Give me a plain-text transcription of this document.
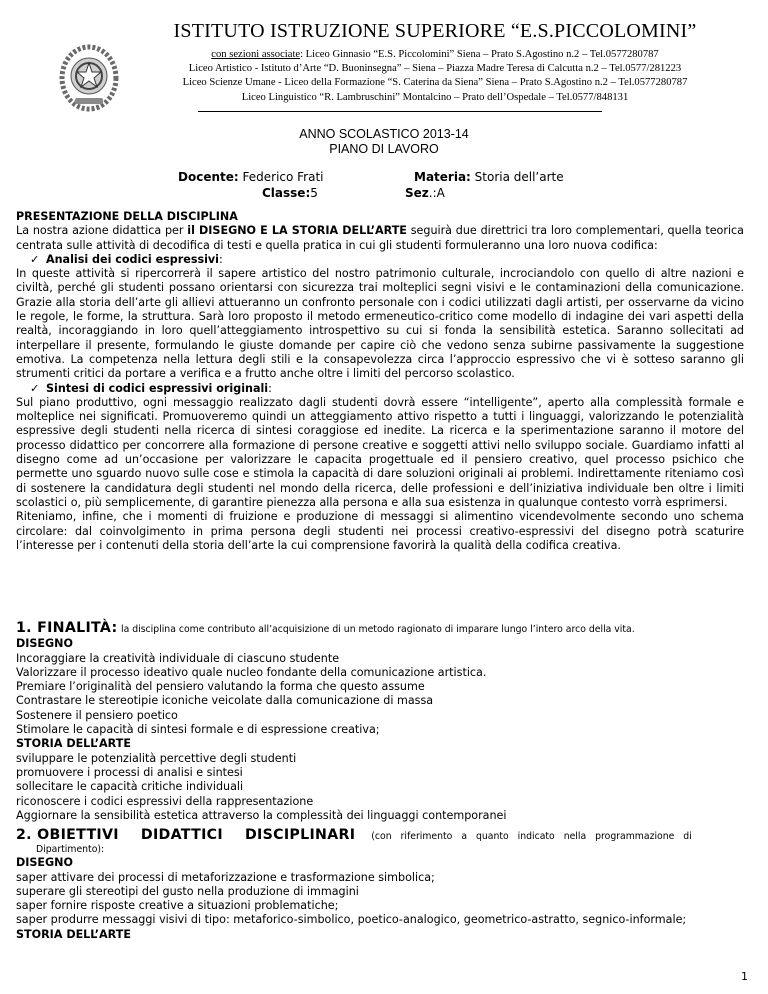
ISTITUTO ISTRUZIONE SUPERIORE “E.S.PICCOLOMINI”
con sezioni associate: Liceo Ginnasio “E.S. Piccolomini” Siena – Prato S.Agostino n.2 – Tel.0577280787
Liceo Artistico - Istituto d’Arte “D. Buoninsegna” – Siena – Piazza Madre Teresa di Calcutta n.2 – Tel.0577/281223
Liceo Scienze Umane - Liceo della Formazione “S. Caterina da Siena” Siena – Prato S.Agostino n.2 – Tel.0577280787
Liceo Linguistico “R. Lambruschini” Montalcino – Prato dell’Ospedale – Tel.0577/848131
ANNO SCOLASTICO 2013-14
PIANO DI LAVORO
Docente: Federico Frati	Materia: Storia dell’arte
Classe:5	Sez.:A

PRESENTAZIONE DELLA DISCIPLINA

La nostra azione didattica per il DISEGNO E LA STORIA DELL’ARTE seguirà due direttrici tra loro complementari, quella teorica centrata sulle attività di decodifica di testi e quella pratica in cui gli studenti formuleranno una loro nuova codifica:

✓ Analisi dei codici espressivi:

In queste attività si ripercorrerà il sapere artistico del nostro patrimonio culturale, incrociandolo con quello di altre nazioni e civiltà, perché gli studenti possano orientarsi con sicurezza trai molteplici segni visivi e le contaminazioni della comunicazione. Grazie alla storia dell’arte gli allievi attueranno un confronto personale con i codici utilizzati dagli artisti, per osservarne da vicino le regole, le forme, la struttura. Sarà loro proposto il metodo ermeneutico-critico come modello di indagine dei vari aspetti della realtà, incoraggiando in loro quell’atteggiamento introspettivo su cui si fonda la sensibilità estetica. Saranno sollecitati ad interpellare il presente, formulando le giuste domande per capire ciò che vedono senza subirne passivamente la suggestione emotiva. La competenza nella lettura degli stili e la consapevolezza circa l’approccio espressivo che vi è sotteso saranno gli strumenti critici da portare a verifica e a frutto anche oltre i limiti del percorso scolastico.

✓ Sintesi di codici espressivi originali:

Sul piano produttivo, ogni messaggio realizzato dagli studenti dovrà essere “intelligente”, aperto alla complessità formale e molteplice nei significati. Promuoveremo quindi un atteggiamento attivo rispetto a tutti i linguaggi, valorizzando le potenzialità espressive degli studenti nella ricerca di sintesi coraggiose ed inedite. La ricerca e la sperimentazione saranno il motore del processo didattico per concorrere alla formazione di persone creative e soggetti attivi nello sviluppo sociale. Guardiamo infatti al disegno come ad un’occasione per valorizzare le capacita progettuale ed il pensiero creativo, quel processo psichico che permette uno sguardo nuovo sulle cose e stimola la capacità di dare soluzioni originali ai problemi. Indirettamente riteniamo così di sostenere la candidatura degli studenti nel mondo della ricerca, delle professioni e dell’iniziativa individuale ben oltre i limiti scolastici o, più semplicemente, di garantire pienezza alla persona e alla sua esistenza in qualunque contesto vorrà esprimersi.

Riteniamo, infine, che i momenti di fruizione e produzione di messaggi si alimentino vicendevolmente secondo uno schema circolare: dal coinvolgimento in prima persona degli studenti nei processi creativo-espressivi del disegno potrà scaturire l’interesse per i contenuti della storia dell’arte la cui comprensione favorirà la qualità della codifica creativa.

1. FINALITÀ: la disciplina come contributo all’acquisizione di un metodo ragionato di imparare lungo l’intero arco della vita.

DISEGNO

Incoraggiare la creatività individuale di ciascuno studente

Valorizzare il processo ideativo quale nucleo fondante della comunicazione artistica.

Premiare l’originalità del pensiero valutando la forma che questo assume

Contrastare le stereotipie iconiche veicolate dalla comunicazione di massa

Sostenere il pensiero poetico

Stimolare le capacità di sintesi formale e di espressione creativa;

STORIA DELL’ARTE

sviluppare le potenzialità percettive degli studenti

promuovere i processi di analisi e sintesi

sollecitare le capacità critiche individuali

riconoscere i codici espressivi della rappresentazione

Aggiornare la sensibilità estetica attraverso la complessità dei linguaggi contemporanei

2. OBIETTIVI DIDATTICI DISCIPLINARI (con riferimento a quanto indicato nella programmazione di

Dipartimento):

DISEGNO

saper attivare dei processi di metaforizzazione e trasformazione simbolica;

superare gli stereotipi del gusto nella produzione di immagini

saper fornire risposte creative a situazioni problematiche;

saper produrre messaggi visivi di tipo: metaforico-simbolico, poetico-analogico, geometrico-astratto, segnico-informale;

STORIA DELL’ARTE

1
